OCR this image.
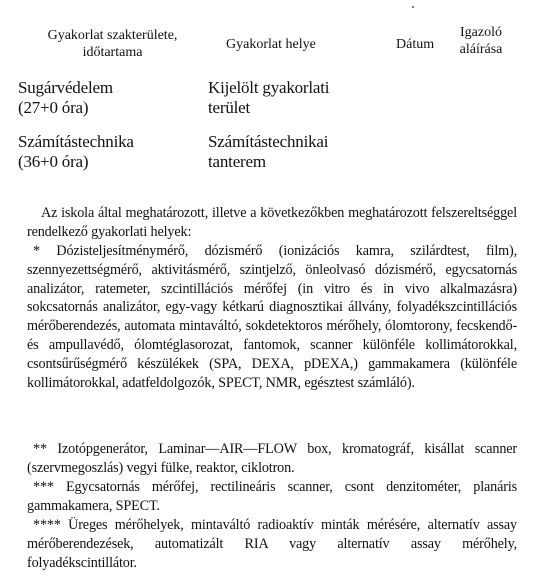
Gyakorlat szakterülete,
időtartama
Gyakorlat helye	Dátum
Igazoló
aláírása
Sugárvédelem
(27+0 óra)
Kijelölt gyakorlati
terület
Számítástechnika
(36+0 óra)
Számítástechnikai
tanterem

Az iskola által meghatározott, illetve a következőkben meghatározott felszereltséggel rendelkező gyakorlati helyek:

* Dózisteljesítménymérő, dózismérő (ionizációs kamra, szilárdtest, film), szennyezettségmérő, aktivitásmérő, szintjelző, önleolvasó dózismérő, egycsatornás analizátor, ratemeter, szcintillációs mérőfej (in vitro és in vivo alkalmazásra) sokcsatornás analizátor, egy-vagy kétkarú diagnosztikai állvány, folyadékszcintillációs mérőberendezés, automata mintaváltó, sokdetektoros mérőhely, ólomtorony, fecskendő- és ampullavédő, ólomtéglasorozat, fantomok, scanner különféle kollimátorokkal, csontsűrűségmérő készülékek (SPA, DEXA, pDEXA,) gammakamera (különféle kollimátorokkal, adatfeldolgozók, SPECT, NMR, egésztest számláló).

** Izotópgenerátor, Laminar—AIR—FLOW box, kromatográf, kisállat scanner (szervmegoszlás) vegyi fülke, reaktor, ciklotron.

*** Egycsatornás mérőfej, rectilineáris scanner, csont denzitométer, planáris gammakamera, SPECT.

**** Üreges mérőhelyek, mintaváltó radioaktív minták mérésére, alternatív assay mérőberendezések, automatizált RIA vagy alternatív assay mérőhely, folyadékscintillátor.
